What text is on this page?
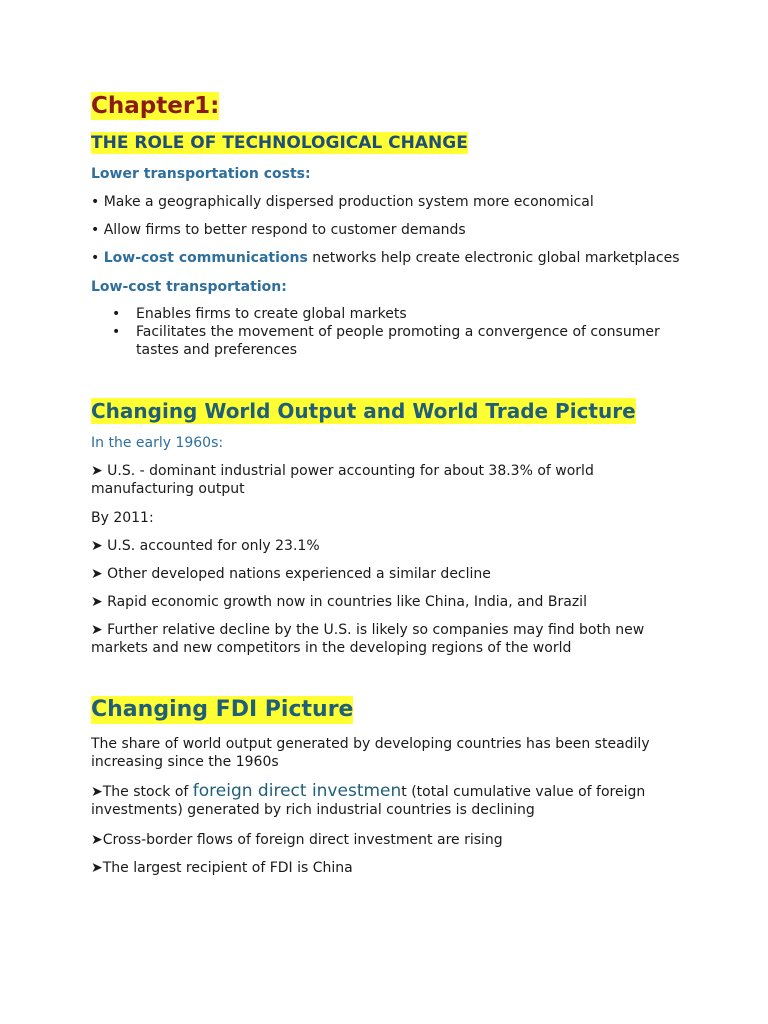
Chapter1:
THE ROLE OF TECHNOLOGICAL CHANGE

Lower transportation costs:

• Make a geographically dispersed production system more economical

• Allow firms to better respond to customer demands

• Low-cost communications networks help create electronic global marketplaces

Low-cost transportation:

• Enables firms to create global markets
• Facilitates the movement of people promoting a convergence of consumer tastes and preferences
Changing World Output and World Trade Picture

In the early 1960s:

➤ U.S. - dominant industrial power accounting for about 38.3% of world manufacturing output

By 2011:

➤ U.S. accounted for only 23.1%

➤ Other developed nations experienced a similar decline

➤ Rapid economic growth now in countries like China, India, and Brazil

➤ Further relative decline by the U.S. is likely so companies may find both new markets and new competitors in the developing regions of the world

Changing FDI Picture

The share of world output generated by developing countries has been steadily increasing since the 1960s

➤The stock of foreign direct investment (total cumulative value of foreign investments) generated by rich industrial countries is declining

➤Cross-border flows of foreign direct investment are rising

➤The largest recipient of FDI is China
